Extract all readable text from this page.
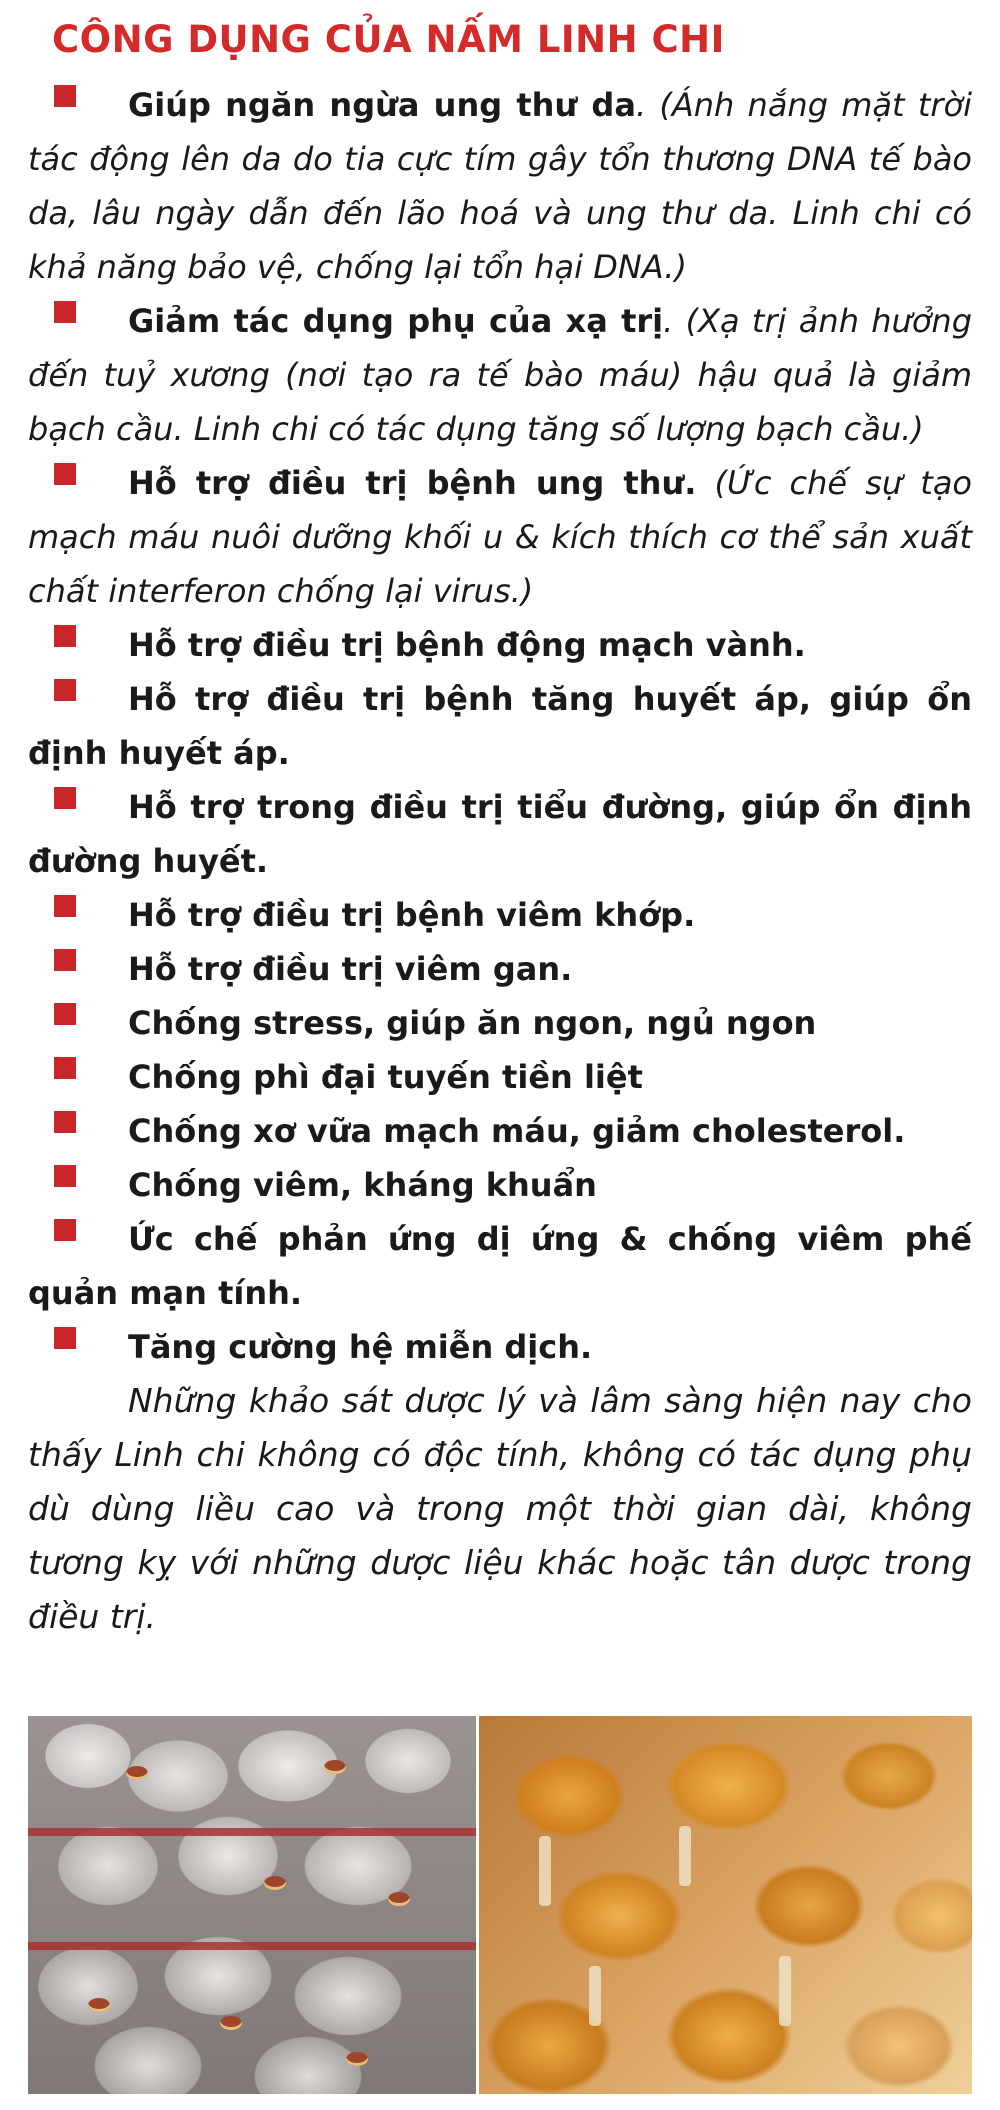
CÔNG DỤNG CỦA NẤM LINH CHI
Giúp ngăn ngừa ung thư da. (Ánh nắng mặt trời tác động lên da do tia cực tím gây tổn thương DNA tế bào da, lâu ngày dẫn đến lão hoá và ung thư da. Linh chi có khả năng bảo vệ, chống lại tổn hại DNA.)
Giảm tác dụng phụ của xạ trị. (Xạ trị ảnh hưởng đến tuỷ xương (nơi tạo ra tế bào máu) hậu quả là giảm bạch cầu. Linh chi có tác dụng tăng số lượng bạch cầu.)
Hỗ trợ điều trị bệnh ung thư. (Ức chế sự tạo mạch máu nuôi dưỡng khối u & kích thích cơ thể sản xuất chất interferon chống lại virus.)
Hỗ trợ điều trị bệnh động mạch vành.
Hỗ trợ điều trị bệnh tăng huyết áp, giúp ổn định huyết áp.
Hỗ trợ trong điều trị tiểu đường, giúp ổn định đường huyết.
Hỗ trợ điều trị bệnh viêm khớp.
Hỗ trợ điều trị viêm gan.
Chống stress, giúp ăn ngon, ngủ ngon
Chống phì đại tuyến tiền liệt
Chống xơ vữa mạch máu, giảm cholesterol.
Chống viêm, kháng khuẩn
Ức chế phản ứng dị ứng & chống viêm phế quản mạn tính.
Tăng cường hệ miễn dịch.
Những khảo sát dược lý và lâm sàng hiện nay cho thấy Linh chi không có độc tính, không có tác dụng phụ dù dùng liều cao và trong một thời gian dài, không tương kỵ với những dược liệu khác hoặc tân dược trong điều trị.
